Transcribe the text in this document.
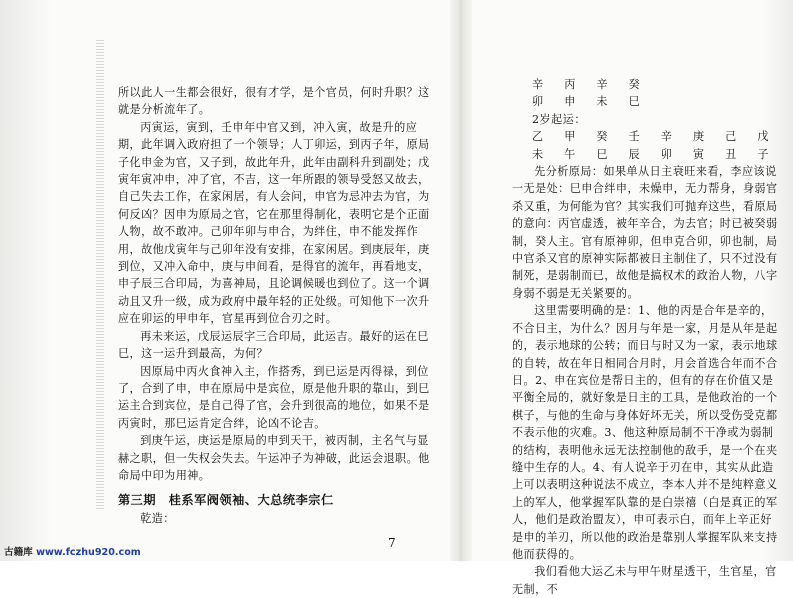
所以此人一生都会很好，很有才学，是个官员，何时升职？这就是分析流年了。

丙寅运，寅到，壬申年中官又到，冲入寅，故是升的应期，此年调入政府担了一个领导；人丁卯运，到丙子年，原局子化申金为官，又子到，故此年升，此年由副科升到副处；戊寅年寅冲申，冲了官，不吉，这一年所跟的领导受怒又故去，自己失去工作，在家闲居，有人会问，申官为忌冲去为官，为何反凶？因申为原局之官，它在那里得制化，表明它是个正面人物，故不敢冲。己卯年卯与申合，为绊住，申不能发挥作用，故他戊寅年与己卯年没有安排，在家闲居。到庚辰年，庚到位，又冲入命中，庚与申间看，是得官的流年，再看地支，申子辰三合印局，为喜神局，且论调候暖也到位了。这一个调动且又升一级，成为政府中最年轻的正处级。可知他下一次升应在卯运的甲申年，官星再到位合刃之时。

再未来运，戊辰运辰字三合印局，此运吉。最好的运在巳巳，这一运升到最高，为何？

因原局中丙火食神入主，作搭秀，到已运是丙得禄，到位了，合到了申，申在原局中是宾位，原是他升职的靠山，到巳运主合到宾位，是自己得了官，会升到很高的地位，如果不是丙寅时，那巳运肯定合绊，论凶不论吉。

到庚午运，庚运是原局的申到天干，被丙制，主名气与显赫之职，但一失权会失去。午运冲子为神破，此运会退职。他命局中印为用神。

第三期　桂系军阀领袖、大总统李宗仁

乾造：

辛　丙　辛　癸

卯　申　未　巳

2岁起运：

乙　甲　癸　壬　辛　庚　己　戊

未　午　巳　辰　卯　寅　丑　子

先分析原局：如果单从日主衰旺来看，李应该说一无是处：巳申合绊申，未燥申，无力帮身，身弱官杀又重，为何能为官？其实我们可抛弃这些，看原局的意向：丙官虚透，被年辛合，为去官；时已被癸弱制，癸人主。官有原神卯，但申克合卯，卯也制，局中官杀又官的原神实际都被日主制住了，只不过没有制死，是弱制而已，故他是搞权术的政治人物，八字身弱不弱是无关紧要的。

这里需要明确的是：1、他的丙是合年是辛的，不合日主，为什么？因月与年是一家，月是从年是起的，表示地球的公转；而日与时又为一家，表示地球的自转，故在年日相同合月时，月会首选合年而不合日。2、申在宾位是帮日主的，但有的存在价值又是平衡全局的，就好象是日主的工具，是他政治的一个棋子，与他的生命与身体好坏无关，所以受伤受克都不表示他的灾难。3、他这种原局制不干净或为弱制的结构，表明他永远无法控制他的敌手，是一个在夹缝中生存的人。4、有人说辛于刃在申，其实从此造上可以表明这种说法不成立，李本人并不是纯粹意义上的军人，他掌握军队靠的是白崇禧（白是真正的军人，他们是政治盟友），申可表示白，而年上辛正好是申的羊刃，所以他的政治是靠别人掌握军队来支持他而获得的。

我们看他大运乙未与甲午财星透干，生官星，官无制，不

7
古籍库 www.fczhu920.com
